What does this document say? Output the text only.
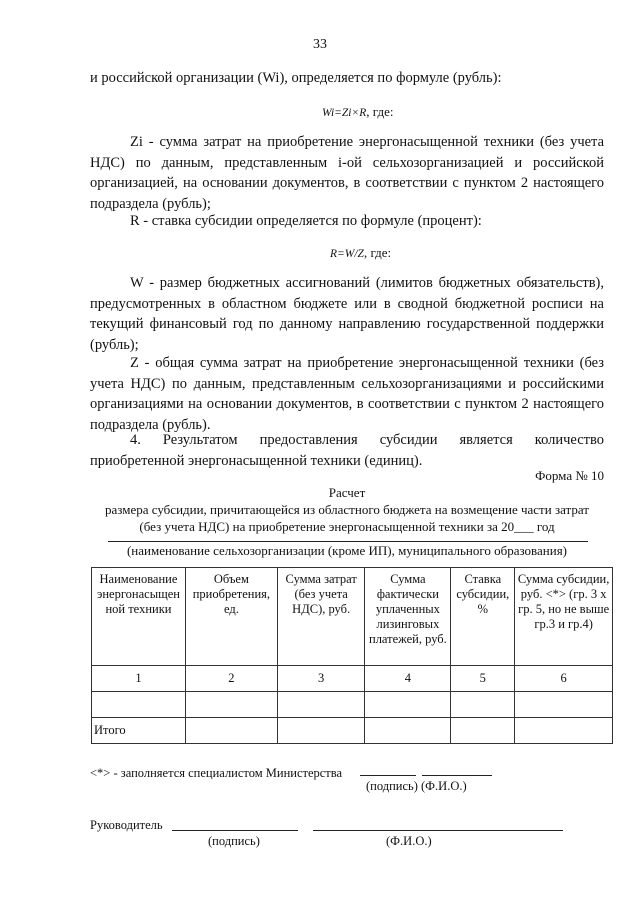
33

и российской организации (Wi), определяется по формуле (рубль):

Wi=Zi×R, где:

Zi - сумма затрат на приобретение энергонасыщенной техники (без учета НДС) по данным, представленным i-ой сельхозорганизацией и российской организацией, на основании документов, в соответствии с пунктом 2 настоящего подраздела (рубль);

R - ставка субсидии определяется по формуле (процент):

R=W/Z, где:

W - размер бюджетных ассигнований (лимитов бюджетных обязательств), предусмотренных в областном бюджете или в сводной бюджетной росписи на текущий финансовый год по данному направлению государственной поддержки (рубль);

Z - общая сумма затрат на приобретение энергонасыщенной техники (без учета НДС) по данным, представленным сельхозорганизациями и российскими организациями на основании документов, в соответствии с пунктом 2 настоящего подраздела (рубль).

4. Результатом предоставления субсидии является количество приобретенной энергонасыщенной техники (единиц).

Форма № 10
Расчет
размера субсидии, причитающейся из областного бюджета на возмещение части затрат
(без учета НДС) на приобретение энергонасыщенной техники за 20___ год
(наименование сельхозорганизации (кроме ИП), муниципального образования)
Наименование энергонасыщен ной техники	Объем приобретения, ед.	Сумма затрат (без учета НДС), руб.	Сумма фактически уплаченных лизинговых платежей, руб.	Ставка субсидии, %	Сумма субсидии, руб. <*> (гр. 3 х гр. 5, но не выше гр.3 и гр.4)
1	2	3	4	5	6

Итого					
<*> - заполняется специалистом Министерства
(подпись) (Ф.И.О.)
Руководитель
(подпись)	(Ф.И.О.)
